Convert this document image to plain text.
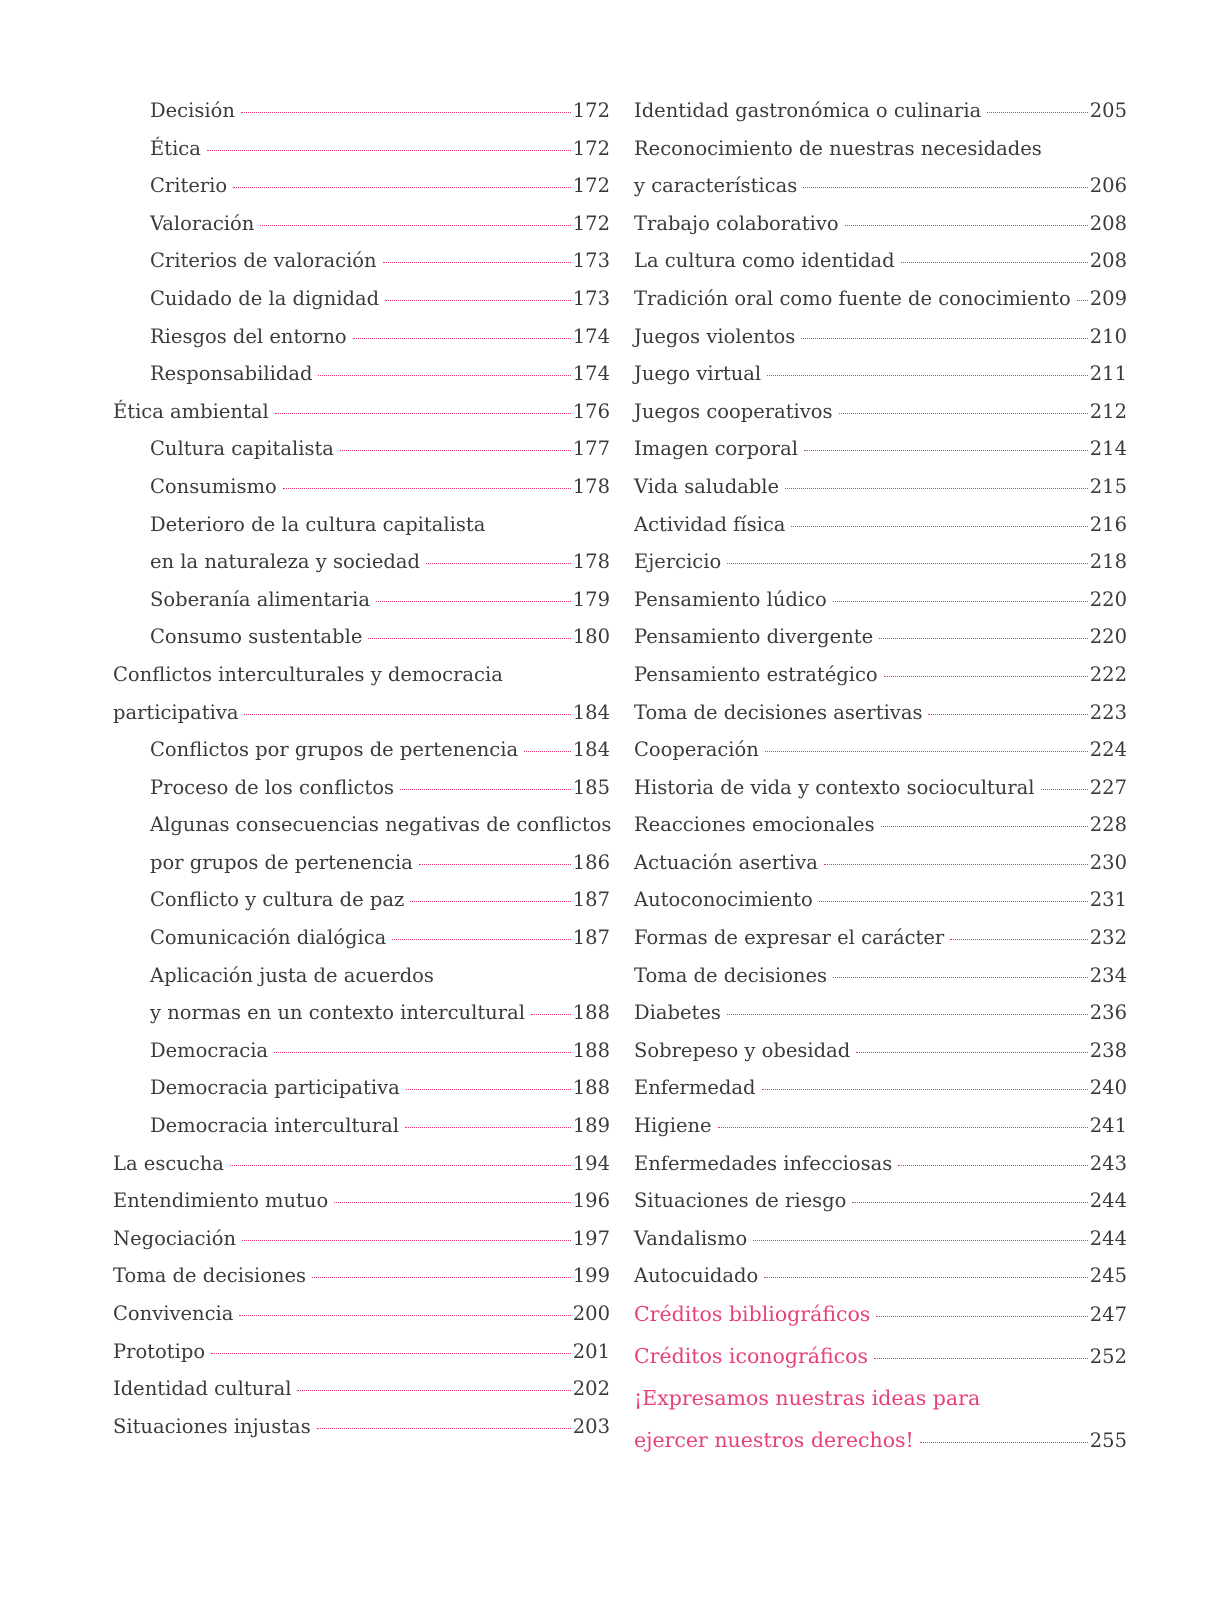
Decisión	172
Ética	172
Criterio	172
Valoración	172
Criterios de valoración	173
Cuidado de la dignidad	173
Riesgos del entorno	174
Responsabilidad	174
Ética ambiental	176
Cultura capitalista	177
Consumismo	178
Deterioro de la cultura capitalista
en la naturaleza y sociedad	178
Soberanía alimentaria	179
Consumo sustentable	180
Conflictos interculturales y democracia
participativa	184
Conflictos por grupos de pertenencia	184
Proceso de los conflictos	185
Algunas consecuencias negativas de conflictos
por grupos de pertenencia	186
Conflicto y cultura de paz	187
Comunicación dialógica	187
Aplicación justa de acuerdos
y normas en un contexto intercultural 188
Democracia	188
Democracia participativa	188
Democracia intercultural	189
La escucha	194
Entendimiento mutuo	196
Negociación	197
Toma de decisiones	199
Convivencia	200
Prototipo	201
Identidad cultural	202
Situaciones injustas	203
Identidad gastronómica o culinaria	205
Reconocimiento de nuestras necesidades
y características	206
Trabajo colaborativo	208
La cultura como identidad	208
Tradición oral como fuente de conocimiento 209
Juegos violentos	210
Juego virtual	211
Juegos cooperativos	212
Imagen corporal	214
Vida saludable	215
Actividad física	216
Ejercicio	218
Pensamiento lúdico	220
Pensamiento divergente	220
Pensamiento estratégico	222
Toma de decisiones asertivas	223
Cooperación	224
Historia de vida y contexto sociocultural	227
Reacciones emocionales	228
Actuación asertiva	230
Autoconocimiento	231
Formas de expresar el carácter	232
Toma de decisiones	234
Diabetes	236
Sobrepeso y obesidad	238
Enfermedad	240
Higiene	241
Enfermedades infecciosas	243
Situaciones de riesgo	244
Vandalismo	244
Autocuidado	245
Créditos bibliográficos	247
Créditos iconográficos	252
¡Expresamos nuestras ideas para
ejercer nuestros derechos!	255
